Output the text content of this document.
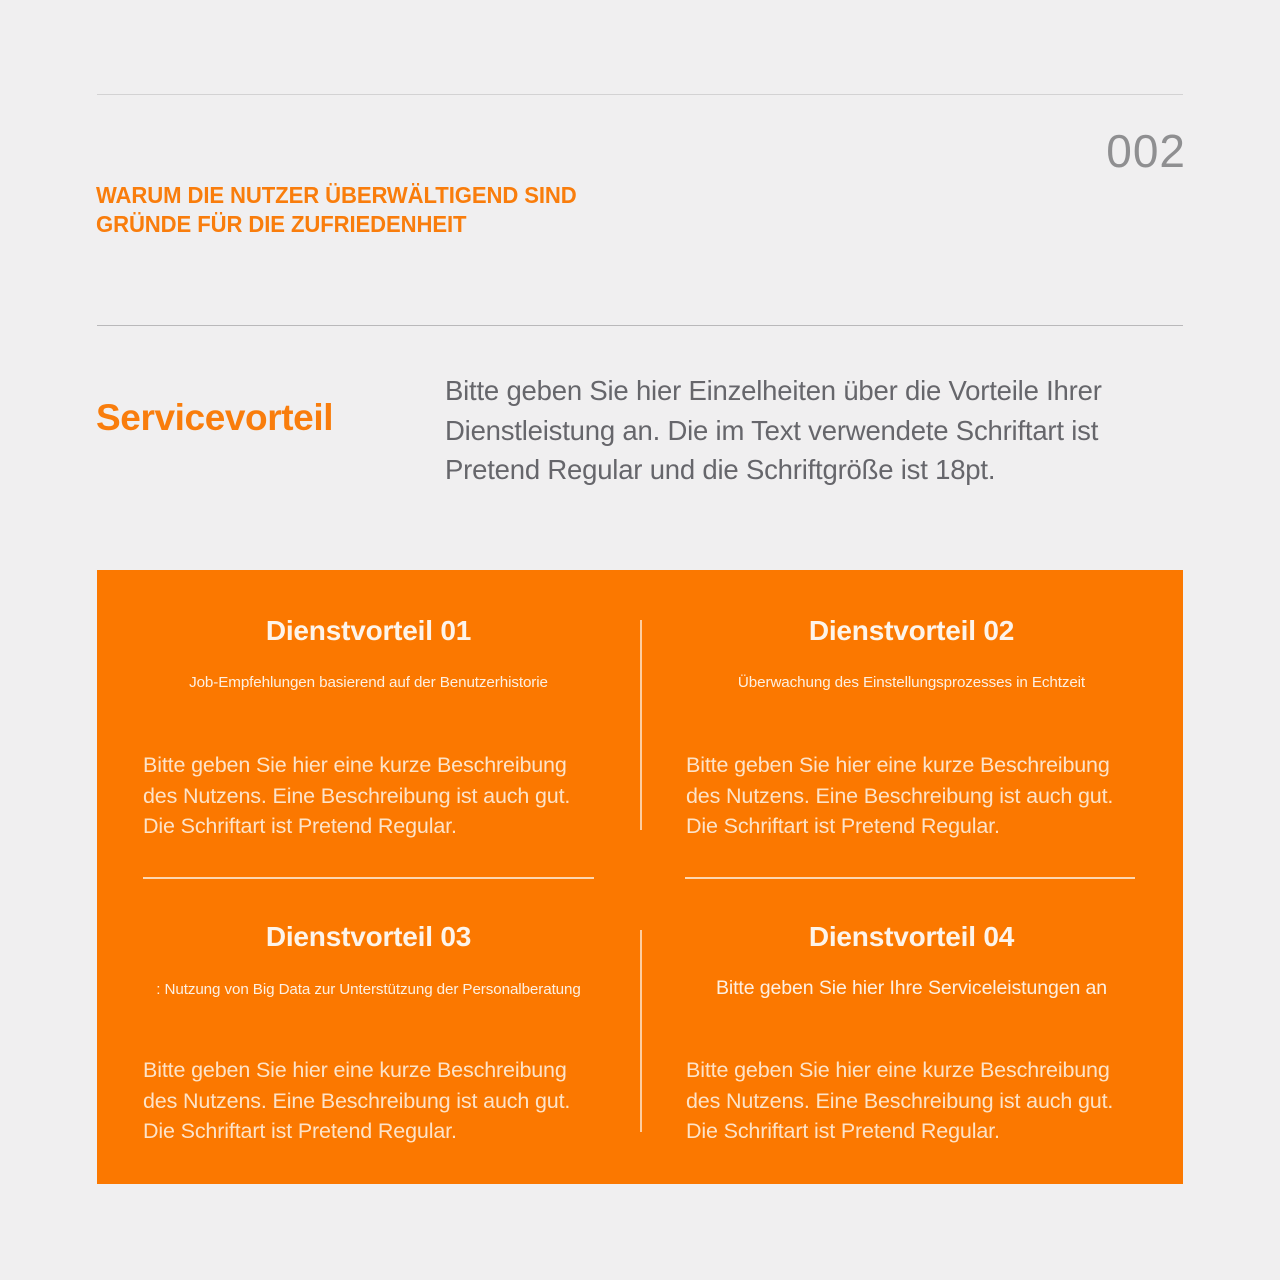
002
WARUM DIE NUTZER ÜBERWÄLTIGEND SIND
GRÜNDE FÜR DIE ZUFRIEDENHEIT
Servicevorteil
Bitte geben Sie hier Einzelheiten über die Vorteile Ihrer Dienstleistung an. Die im Text verwendete Schriftart ist Pretend Regular und die Schriftgröße ist 18pt.
Dienstvorteil 01
Job-Empfehlungen basierend auf der Benutzerhistorie
Bitte geben Sie hier eine kurze Beschreibung des Nutzens. Eine Beschreibung ist auch gut. Die Schriftart ist Pretend Regular.
Dienstvorteil 02
Überwachung des Einstellungsprozesses in Echtzeit
Bitte geben Sie hier eine kurze Beschreibung des Nutzens. Eine Beschreibung ist auch gut. Die Schriftart ist Pretend Regular.
Dienstvorteil 03
: Nutzung von Big Data zur Unterstützung der Personalberatung
Bitte geben Sie hier eine kurze Beschreibung des Nutzens. Eine Beschreibung ist auch gut. Die Schriftart ist Pretend Regular.
Dienstvorteil 04
Bitte geben Sie hier Ihre Serviceleistungen an
Bitte geben Sie hier eine kurze Beschreibung des Nutzens. Eine Beschreibung ist auch gut. Die Schriftart ist Pretend Regular.
